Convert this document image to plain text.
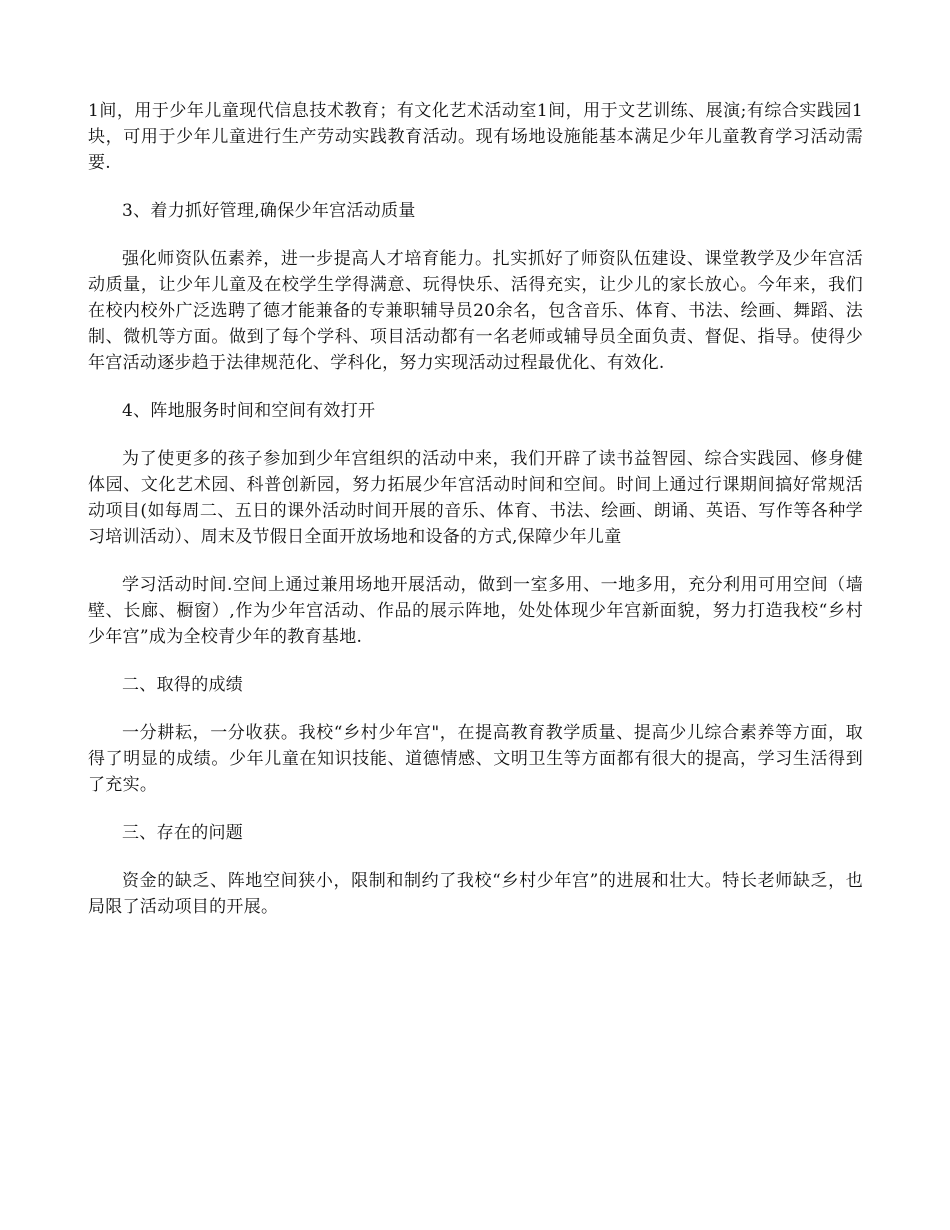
1间，用于少年儿童现代信息技术教育；有文化艺术活动室1间，用于文艺训练、展演;有综合实践园1块，可用于少年儿童进行生产劳动实践教育活动。现有场地设施能基本满足少年儿童教育学习活动需要.

3、着力抓好管理,确保少年宫活动质量

强化师资队伍素养，进一步提高人才培育能力。扎实抓好了师资队伍建设、课堂教学及少年宫活动质量，让少年儿童及在校学生学得满意、玩得快乐、活得充实，让少儿的家长放心。今年来，我们在校内校外广泛选聘了德才能兼备的专兼职辅导员20余名，包含音乐、体育、书法、绘画、舞蹈、法制、微机等方面。做到了每个学科、项目活动都有一名老师或辅导员全面负责、督促、指导。使得少年宫活动逐步趋于法律规范化、学科化，努力实现活动过程最优化、有效化.

4、阵地服务时间和空间有效打开

为了使更多的孩子参加到少年宫组织的活动中来，我们开辟了读书益智园、综合实践园、修身健体园、文化艺术园、科普创新园，努力拓展少年宫活动时间和空间。时间上通过行课期间搞好常规活动项目(如每周二、五日的课外活动时间开展的音乐、体育、书法、绘画、朗诵、英语、写作等各种学习培训活动）、周末及节假日全面开放场地和设备的方式,保障少年儿童

学习活动时间.空间上通过兼用场地开展活动，做到一室多用、一地多用，充分利用可用空间（墙壁、长廊、橱窗）,作为少年宫活动、作品的展示阵地，处处体现少年宫新面貌，努力打造我校“乡村少年宫”成为全校青少年的教育基地.

二、取得的成绩

一分耕耘，一分收获。我校“乡村少年宫"，在提高教育教学质量、提高少儿综合素养等方面，取得了明显的成绩。少年儿童在知识技能、道德情感、文明卫生等方面都有很大的提高，学习生活得到了充实。

三、存在的问题

资金的缺乏、阵地空间狭小，限制和制约了我校“乡村少年宫”的进展和壮大。特长老师缺乏，也局限了活动项目的开展。
